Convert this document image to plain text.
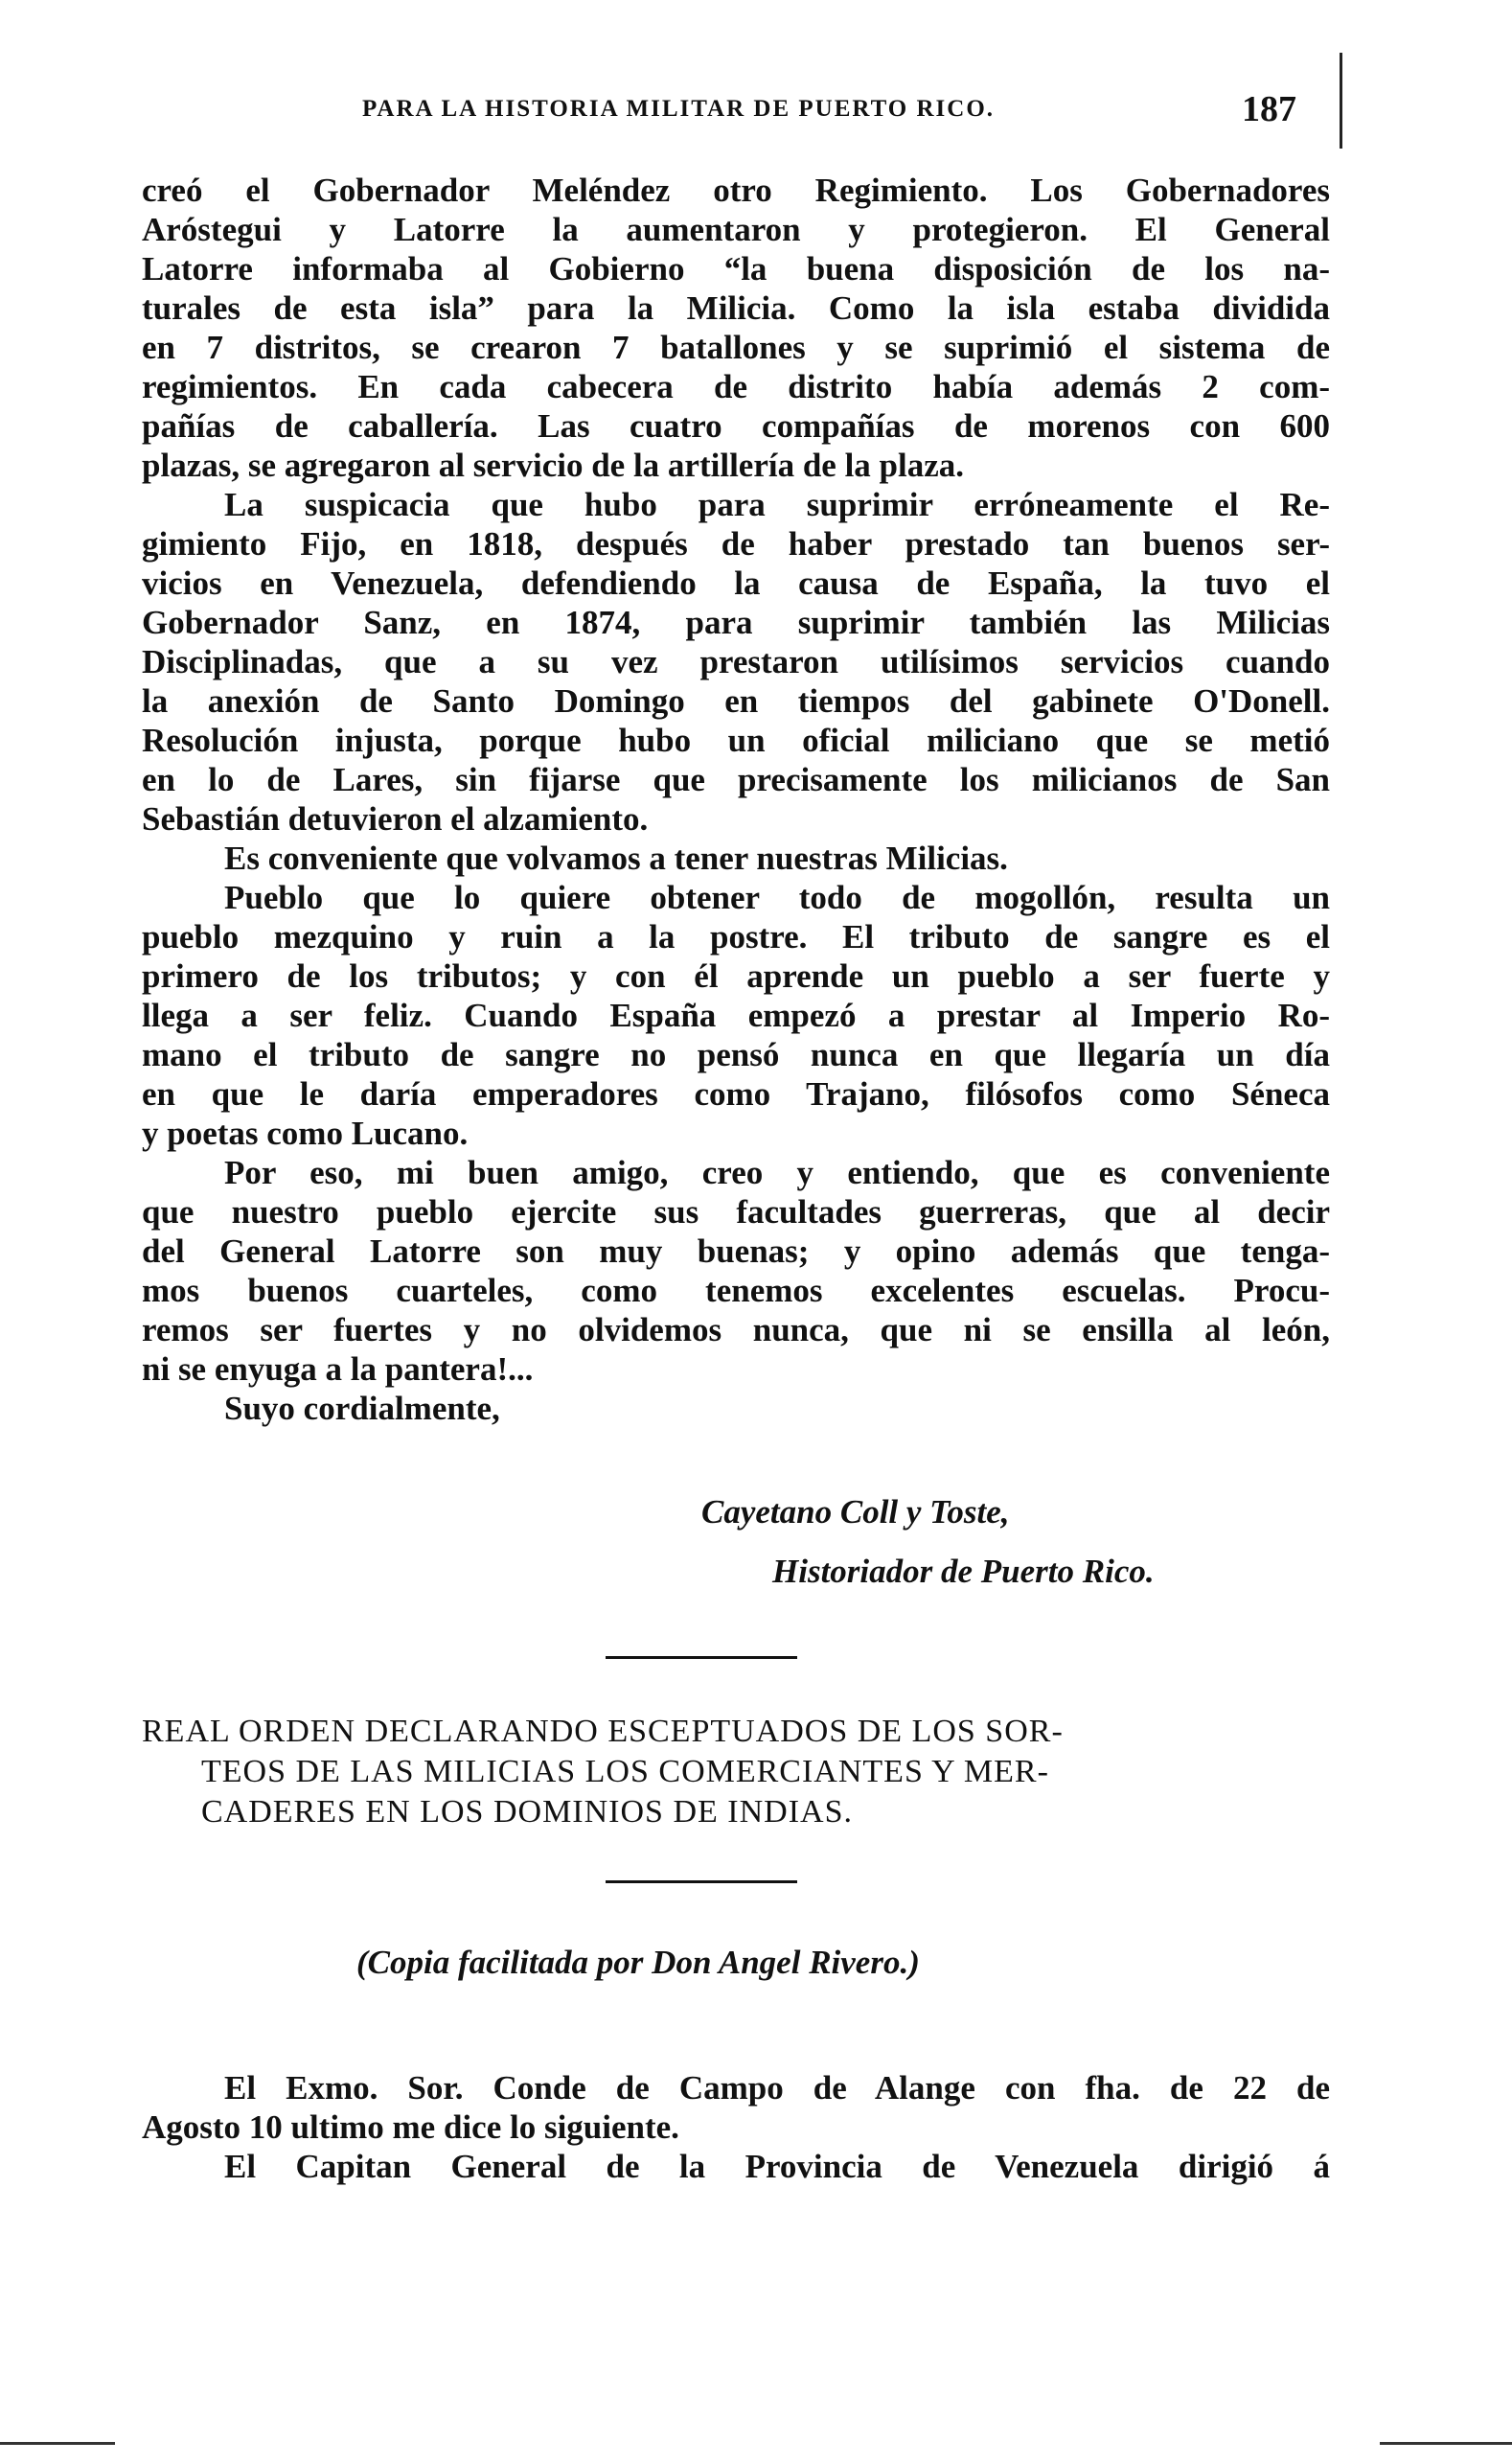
PARA LA HISTORIA MILITAR DE PUERTO RICO.	187
creó el Gobernador Meléndez otro Regimiento. Los Gobernadores
Aróstegui y Latorre la aumentaron y protegieron. El General
Latorre informaba al Gobierno “la buena disposición de los na-
turales de esta isla” para la Milicia. Como la isla estaba dividida
en 7 distritos, se crearon 7 batallones y se suprimió el sistema de
regimientos. En cada cabecera de distrito había además 2 com-
pañías de caballería. Las cuatro compañías de morenos con 600
plazas, se agregaron al servicio de la artillería de la plaza.
La suspicacia que hubo para suprimir erróneamente el Re-
gimiento Fijo, en 1818, después de haber prestado tan buenos ser-
vicios en Venezuela, defendiendo la causa de España, la tuvo el
Gobernador Sanz, en 1874, para suprimir también las Milicias
Disciplinadas, que a su vez prestaron utilísimos servicios cuando
la anexión de Santo Domingo en tiempos del gabinete O'Donell.
Resolución injusta, porque hubo un oficial miliciano que se metió
en lo de Lares, sin fijarse que precisamente los milicianos de San
Sebastián detuvieron el alzamiento.
Es conveniente que volvamos a tener nuestras Milicias.
Pueblo que lo quiere obtener todo de mogollón, resulta un
pueblo mezquino y ruin a la postre. El tributo de sangre es el
primero de los tributos; y con él aprende un pueblo a ser fuerte y
llega a ser feliz. Cuando España empezó a prestar al Imperio Ro-
mano el tributo de sangre no pensó nunca en que llegaría un día
en que le daría emperadores como Trajano, filósofos como Séneca
y poetas como Lucano.
Por eso, mi buen amigo, creo y entiendo, que es conveniente
que nuestro pueblo ejercite sus facultades guerreras, que al decir
del General Latorre son muy buenas; y opino además que tenga-
mos buenos cuarteles, como tenemos excelentes escuelas. Procu-
remos ser fuertes y no olvidemos nunca, que ni se ensilla al león,
ni se enyuga a la pantera!...
Suyo cordialmente,
Cayetano Coll y Toste,
Historiador de Puerto Rico.
REAL ORDEN DECLARANDO ESCEPTUADOS DE LOS SOR-
TEOS DE LAS MILICIAS LOS COMERCIANTES Y MER-
CADERES EN LOS DOMINIOS DE INDIAS.
(Copia facilitada por Don Angel Rivero.)
El Exmo. Sor. Conde de Campo de Alange con fha. de 22 de
Agosto 10 ultimo me dice lo siguiente.
El Capitan General de la Provincia de Venezuela dirigió á
